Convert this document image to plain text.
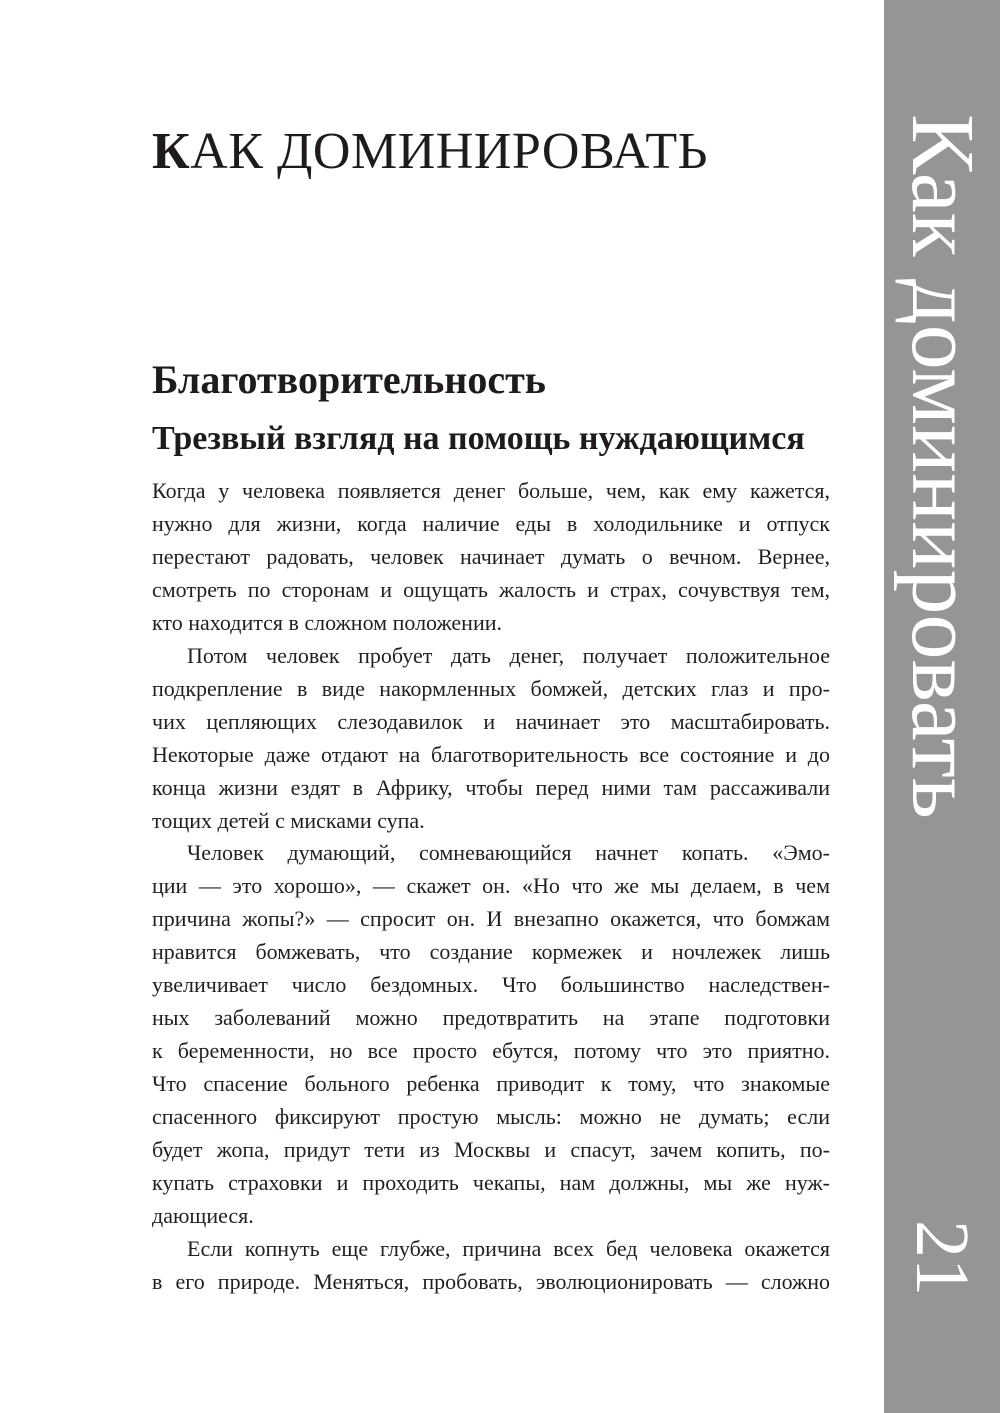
Как доминировать
21
КАК ДОМИНИРОВАТЬ
Благотворительность
Трезвый взгляд на помощь нуждающимся
Когда у человека появляется денег больше, чем, как ему кажется,
нужно для жизни, когда наличие еды в холодильнике и отпуск
перестают радовать, человек начинает думать о вечном. Вернее,
смотреть по сторонам и ощущать жалость и страх, сочувствуя тем,
кто находится в сложном положении.
Потом человек пробует дать денег, получает положительное
подкрепление в виде накормленных бомжей, детских глаз и про-
чих цепляющих слезодавилок и начинает это масштабировать.
Некоторые даже отдают на благотворительность все состояние и до
конца жизни ездят в Африку, чтобы перед ними там рассаживали
тощих детей с мисками супа.
Человек думающий, сомневающийся начнет копать. «Эмо-
ции — это хорошо», — скажет он. «Но что же мы делаем, в чем
причина жопы?» — спросит он. И внезапно окажется, что бомжам
нравится бомжевать, что создание кормежек и ночлежек лишь
увеличивает число бездомных. Что большинство наследствен-
ных заболеваний можно предотвратить на этапе подготовки
к беременности, но все просто ебутся, потому что это приятно.
Что спасение больного ребенка приводит к тому, что знакомые
спасенного фиксируют простую мысль: можно не думать; если
будет жопа, придут тети из Москвы и спасут, зачем копить, по-
купать страховки и проходить чекапы, нам должны, мы же нуж-
дающиеся.
Если копнуть еще глубже, причина всех бед человека окажется
в его природе. Меняться, пробовать, эволюционировать — сложно
